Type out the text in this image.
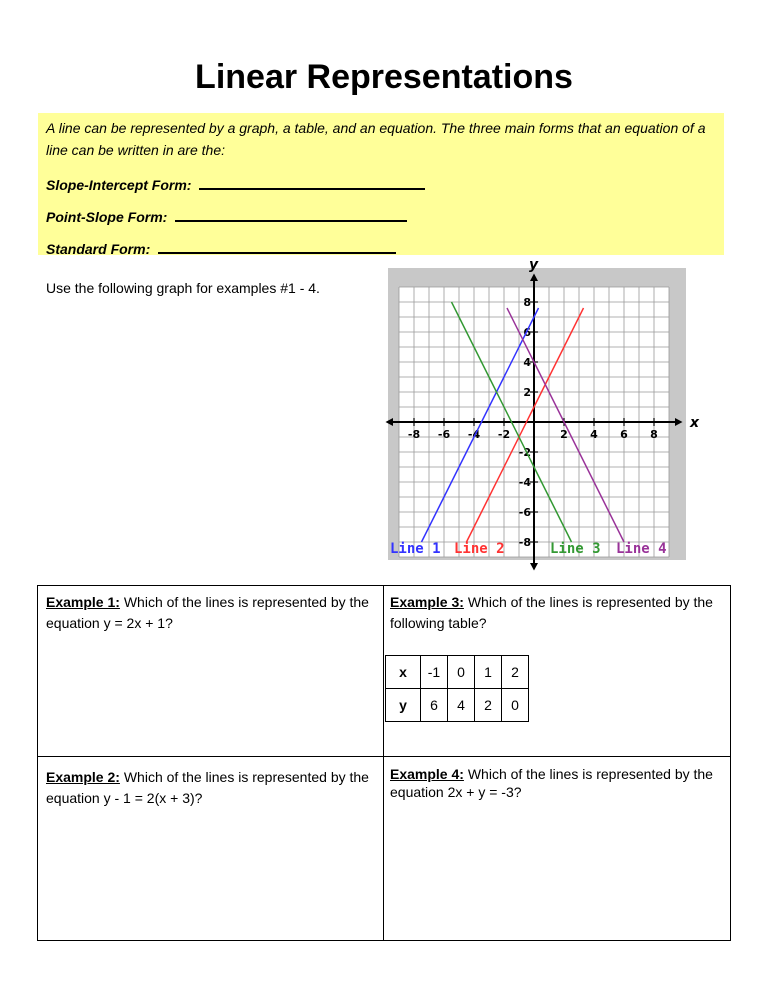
Linear Representations
A line can be represented by a graph, a table, and an equation. The three main forms that an equation of a line can be written in are the:
Slope-Intercept Form:
Point-Slope Form:
Standard Form:
Use the following graph for examples #1 - 4.
x
y
-8 -6 -4 -2	2 4 6 8
8
6
4
2
-2
-4
-6
-8
Line 1 Line 2	Line 3 Line 4
Example 1: Which of the lines is represented by the equation y = 2x + 1?
Example 3: Which of the lines is represented by the following table?
Example 2: Which of the lines is represented by the equation y - 1 = 2(x + 3)?
Example 4: Which of the lines is represented by the equation 2x + y = -3?
x	-1	0	1	2
y	6	4	2	0
